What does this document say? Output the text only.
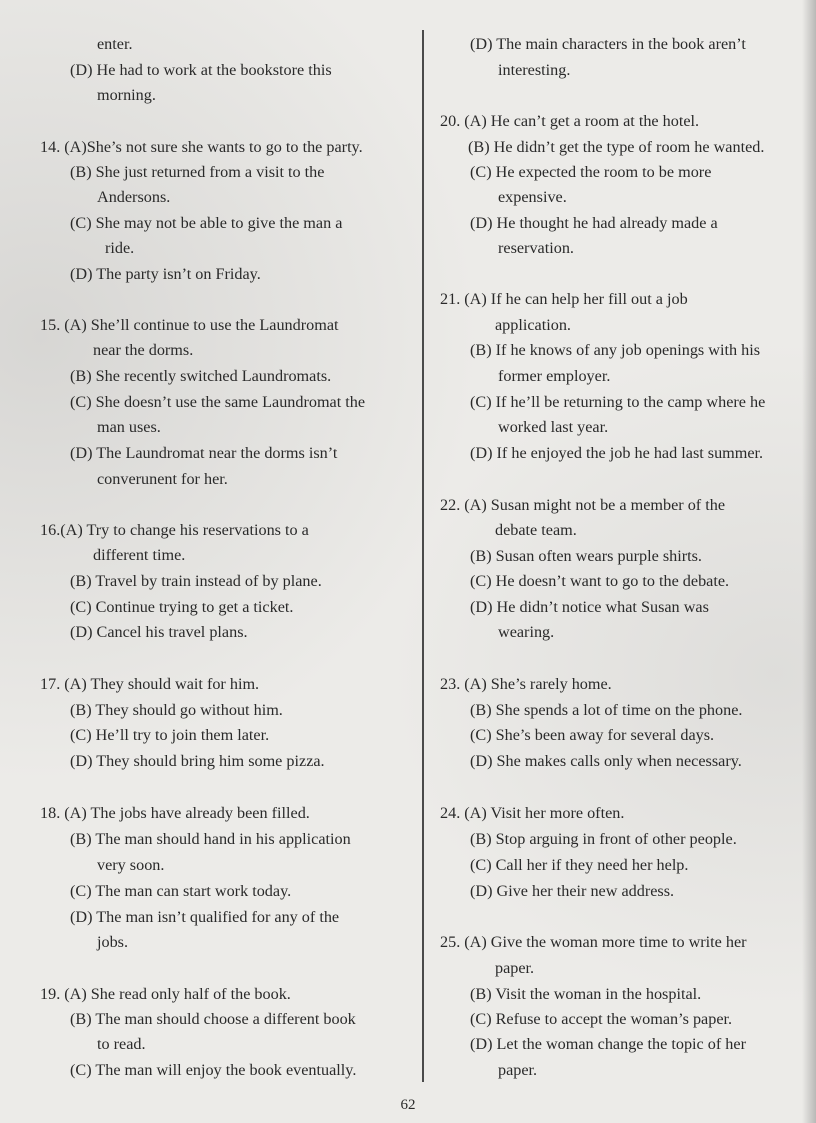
enter.
(D) He had to work at the bookstore this
morning.
14. (A)She’s not sure she wants to go to the party.
(B) She just returned from a visit to the
Andersons.
(C) She may not be able to give the man a
ride.
(D) The party isn’t on Friday.
15. (A) She’ll continue to use the Laundromat
near the dorms.
(B) She recently switched Laundromats.
(C) She doesn’t use the same Laundromat the
man uses.
(D) The Laundromat near the dorms isn’t
converunent for her.
16.(A) Try to change his reservations to a
different time.
(B) Travel by train instead of by plane.
(C) Continue trying to get a ticket.
(D) Cancel his travel plans.
17. (A) They should wait for him.
(B) They should go without him.
(C) He’ll try to join them later.
(D) They should bring him some pizza.
18. (A) The jobs have already been filled.
(B) The man should hand in his application
very soon.
(C) The man can start work today.
(D) The man isn’t qualified for any of the
jobs.
19. (A) She read only half of the book.
(B) The man should choose a different book
to read.
(C) The man will enjoy the book eventually.
(D) The main characters in the book aren’t
interesting.
20. (A) He can’t get a room at the hotel.
(B) He didn’t get the type of room he wanted.
(C) He expected the room to be more
expensive.
(D) He thought he had already made a
reservation.
21. (A) If he can help her fill out a job
application.
(B) If he knows of any job openings with his
former employer.
(C) If he’ll be returning to the camp where he
worked last year.
(D) If he enjoyed the job he had last summer.
22. (A) Susan might not be a member of the
debate team.
(B) Susan often wears purple shirts.
(C) He doesn’t want to go to the debate.
(D) He didn’t notice what Susan was
wearing.
23. (A) She’s rarely home.
(B) She spends a lot of time on the phone.
(C) She’s been away for several days.
(D) She makes calls only when necessary.
24. (A) Visit her more often.
(B) Stop arguing in front of other people.
(C) Call her if they need her help.
(D) Give her their new address.
25. (A) Give the woman more time to write her
paper.
(B) Visit the woman in the hospital.
(C) Refuse to accept the woman’s paper.
(D) Let the woman change the topic of her
paper.
62
